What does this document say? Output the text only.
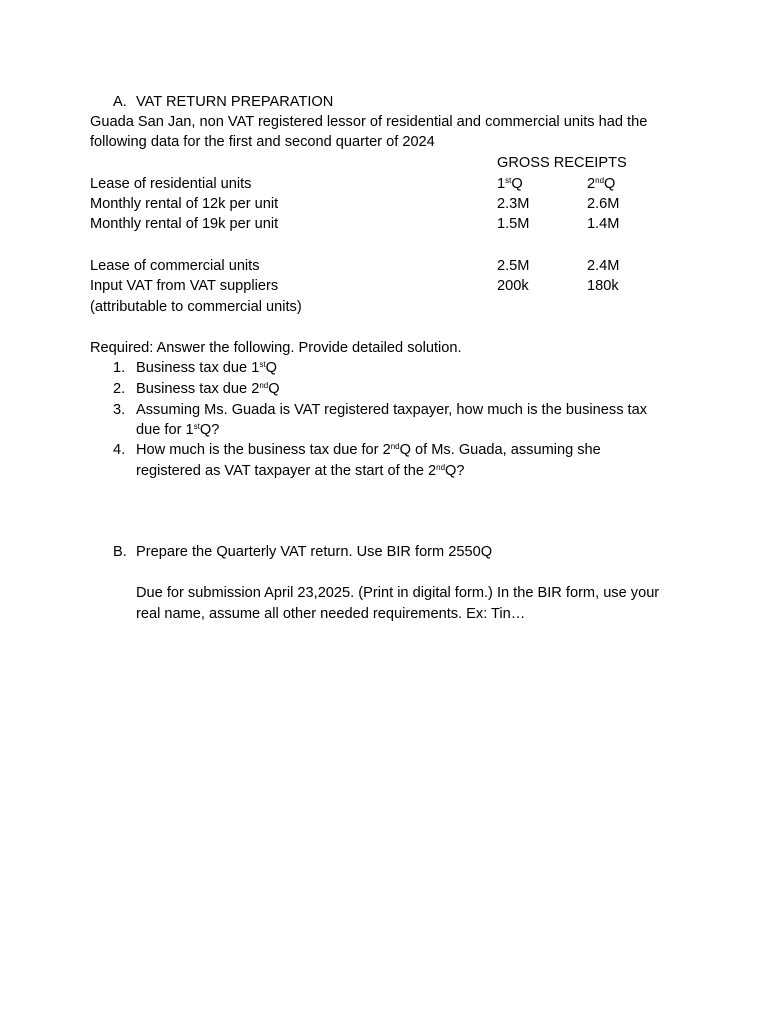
A. VAT RETURN PREPARATION
Guada San Jan, non VAT registered lessor of residential and commercial units had the
following data for the first and second quarter of 2024
GROSS RECEIPTS
Lease of residential units	1stQ	2ndQ
Monthly rental of 12k per unit	2.3M	2.6M
Monthly rental of 19k per unit	1.5M	1.4M
Lease of commercial units	2.5M	2.4M
Input VAT from VAT suppliers	200k	180k
(attributable to commercial units)
Required: Answer the following. Provide detailed solution.
1. Business tax due 1stQ
2. Business tax due 2ndQ
3. Assuming Ms. Guada is VAT registered taxpayer, how much is the business tax
due for 1stQ?
4. How much is the business tax due for 2ndQ of Ms. Guada, assuming she
registered as VAT taxpayer at the start of the 2ndQ?
B. Prepare the Quarterly VAT return. Use BIR form 2550Q
Due for submission April 23,2025. (Print in digital form.) In the BIR form, use your
real name, assume all other needed requirements. Ex: Tin…
